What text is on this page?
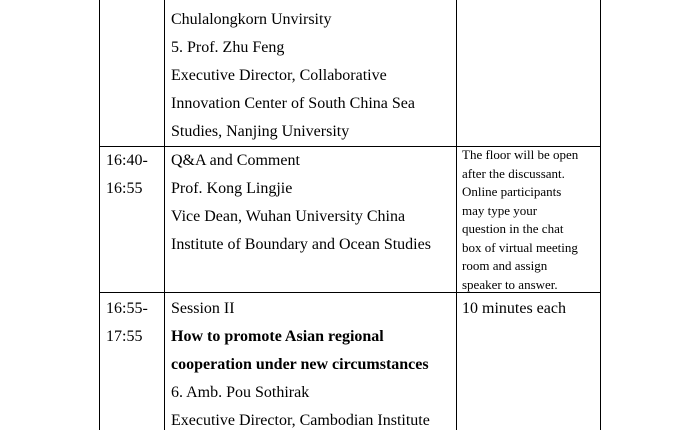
Chulalongkorn Unvirsity
5. Prof. Zhu Feng
Executive Director, Collaborative
Innovation Center of South China Sea
Studies, Nanjing University
16:40-
16:55
Q&A and Comment
Prof. Kong Lingjie
Vice Dean, Wuhan University China
Institute of Boundary and Ocean Studies
The floor will be open
after the discussant.
Online participants
may type your
question in the chat
box of virtual meeting
room and assign
speaker to answer.
16:55-
17:55
Session II
How to promote Asian regional
cooperation under new circumstances
6. Amb. Pou Sothirak
Executive Director, Cambodian Institute
10 minutes each
